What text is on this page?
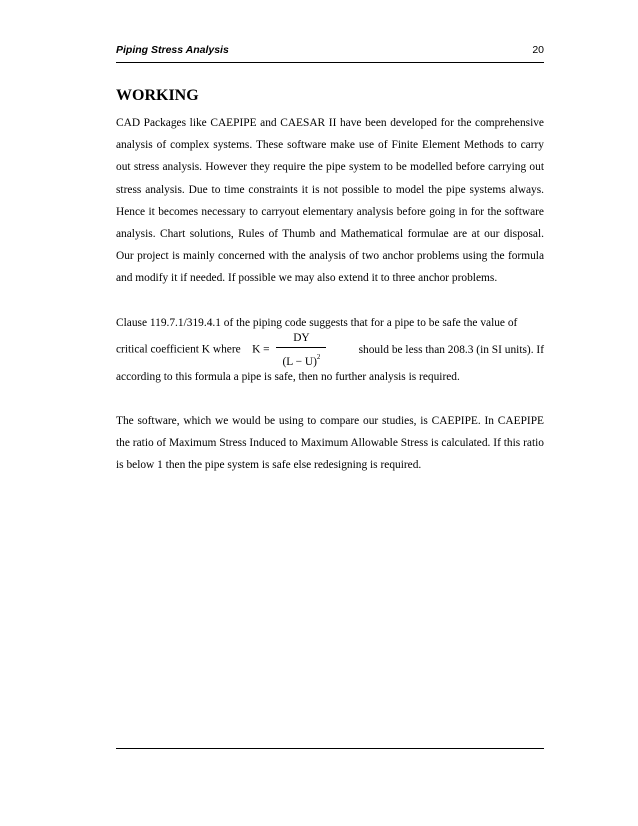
Piping Stress Analysis	20
WORKING

CAD Packages like CAEPIPE and CAESAR II have been developed for the comprehensive analysis of complex systems. These software make use of Finite Element Methods to carry out stress analysis. However they require the pipe system to be modelled before carrying out stress analysis. Due to time constraints it is not possible to model the pipe systems always. Hence it becomes necessary to carryout elementary analysis before going in for the software analysis. Chart solutions, Rules of Thumb and Mathematical formulae are at our disposal. Our project is mainly concerned with the analysis of two anchor problems using the formula and modify it if needed. If possible we may also extend it to three anchor problems.

Clause 119.7.1/319.4.1 of the piping code suggests that for a pipe to be safe the value of
critical coefficient K where $K = \frac{DY}{(L - U)^2}$	should be less than 208.3 (in SI units). If
according to this formula a pipe is safe, then no further analysis is required.

The software, which we would be using to compare our studies, is CAEPIPE. In CAEPIPE the ratio of Maximum Stress Induced to Maximum Allowable Stress is calculated. If this ratio is below 1 then the pipe system is safe else redesigning is required.
